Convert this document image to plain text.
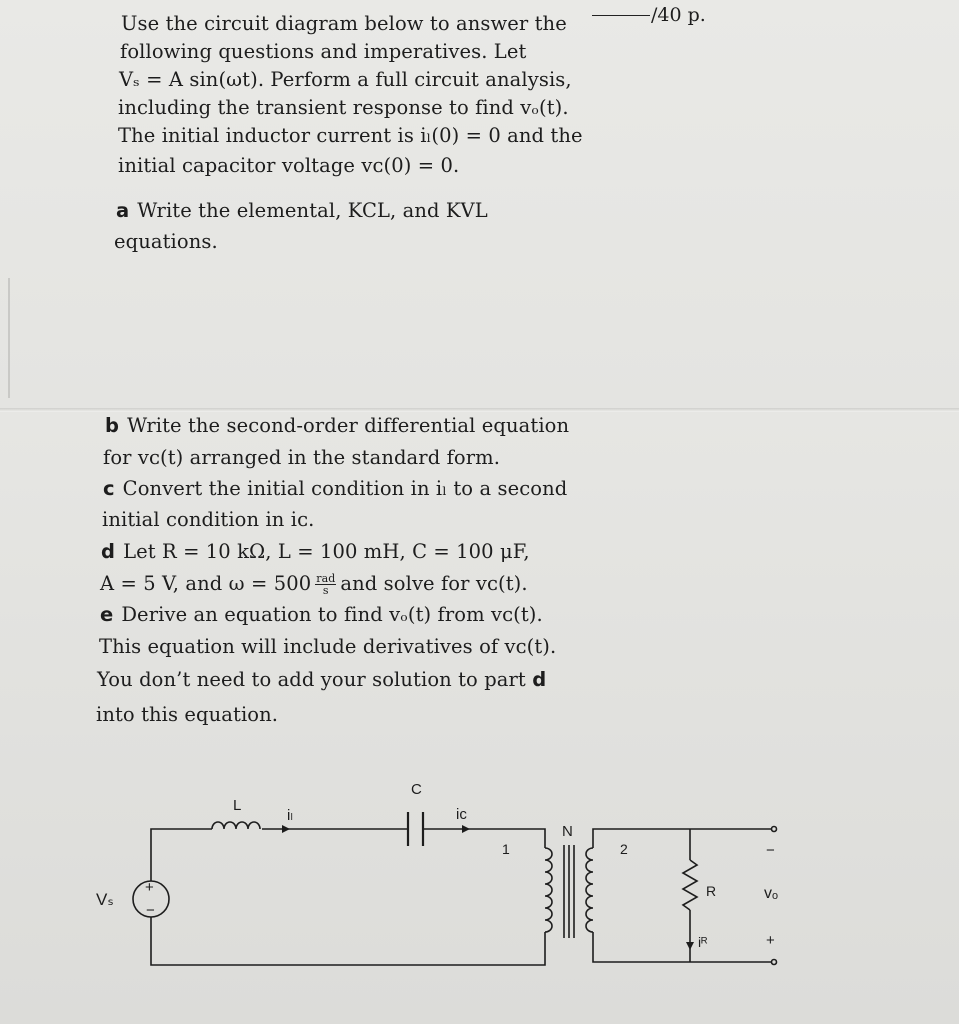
/40 p.
Use the circuit diagram below to answer the
following questions and imperatives. Let
Vₛ = A sin(ωt). Perform a full circuit analysis,
including the transient response to find vₒ(t).
The initial inductor current is iₗ(0) = 0 and the
initial capacitor voltage vᴄ(0) = 0.
a Write the elemental, KCL, and KVL
equations.
b Write the second-order differential equation
for vᴄ(t) arranged in the standard form.
c Convert the initial condition in iₗ to a second
initial condition in iᴄ.
d Let R = 10 kΩ, L = 100 mH, C = 100 μF,
A = 5 V, and $\omega = 500 \frac{\text{rad}}{s}$ and solve for vᴄ(t).
e Derive an equation to find vₒ(t) from vᴄ(t).
This equation will include derivatives of vᴄ(t).
You don’t need to add your solution to part d
into this equation.
Vₛ
+
−
L
iₗ
C
iᴄ
N
1	2
R
iᴿ
vₒ
−
+
